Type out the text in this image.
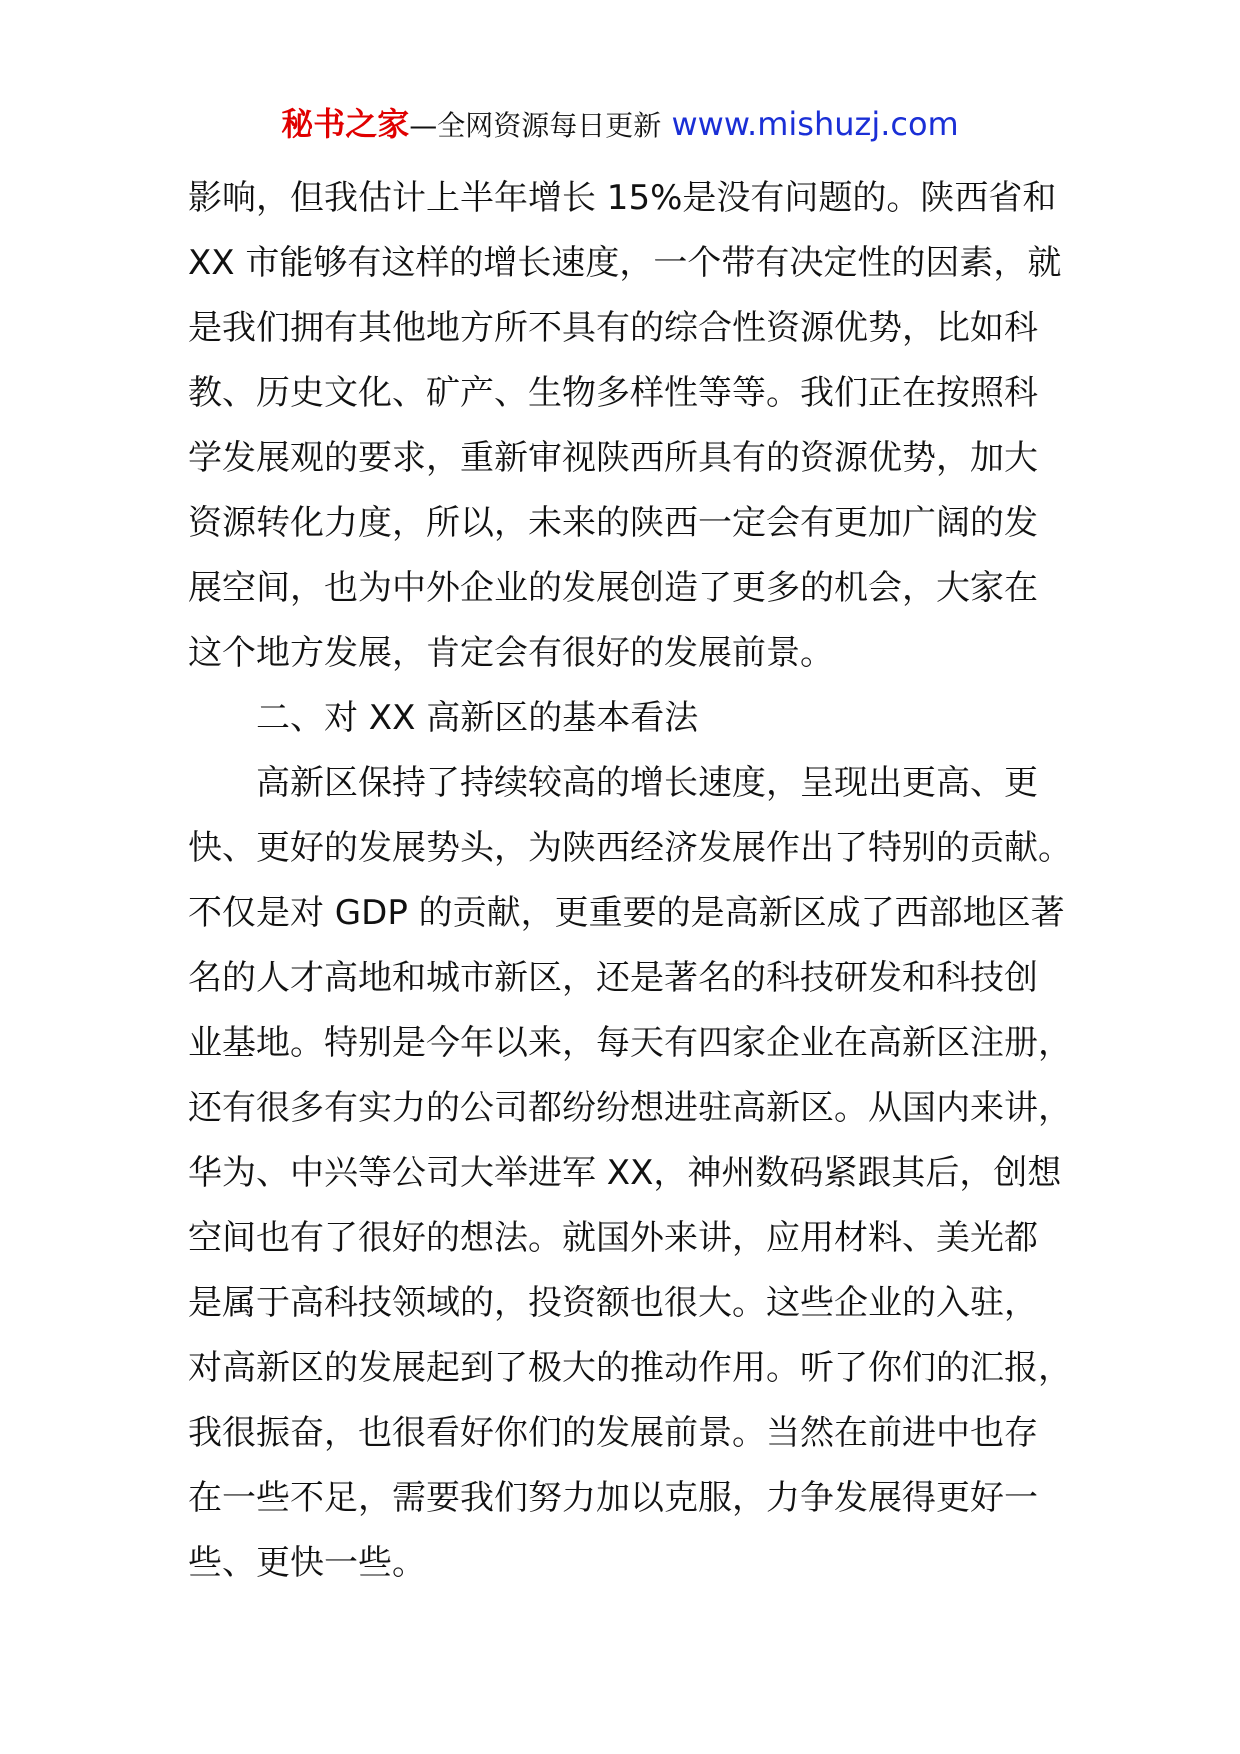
秘书之家—全网资源每日更新 www.mishuzj.com

影响，但我估计上半年增长 15%是没有问题的。陕西省和
XX 市能够有这样的增长速度，一个带有决定性的因素，就
是我们拥有其他地方所不具有的综合性资源优势，比如科
教、历史文化、矿产、生物多样性等等。我们正在按照科
学发展观的要求，重新审视陕西所具有的资源优势，加大
资源转化力度，所以，未来的陕西一定会有更加广阔的发
展空间，也为中外企业的发展创造了更多的机会，大家在
这个地方发展，肯定会有很好的发展前景。

二、对 XX 高新区的基本看法

高新区保持了持续较高的增长速度，呈现出更高、更
快、更好的发展势头，为陕西经济发展作出了特别的贡献。
不仅是对 GDP 的贡献，更重要的是高新区成了西部地区著
名的人才高地和城市新区，还是著名的科技研发和科技创
业基地。特别是今年以来，每天有四家企业在高新区注册，
还有很多有实力的公司都纷纷想进驻高新区。从国内来讲，
华为、中兴等公司大举进军 XX，神州数码紧跟其后，创想
空间也有了很好的想法。就国外来讲，应用材料、美光都
是属于高科技领域的，投资额也很大。这些企业的入驻，
对高新区的发展起到了极大的推动作用。听了你们的汇报，
我很振奋，也很看好你们的发展前景。当然在前进中也存
在一些不足，需要我们努力加以克服，力争发展得更好一
些、更快一些。
